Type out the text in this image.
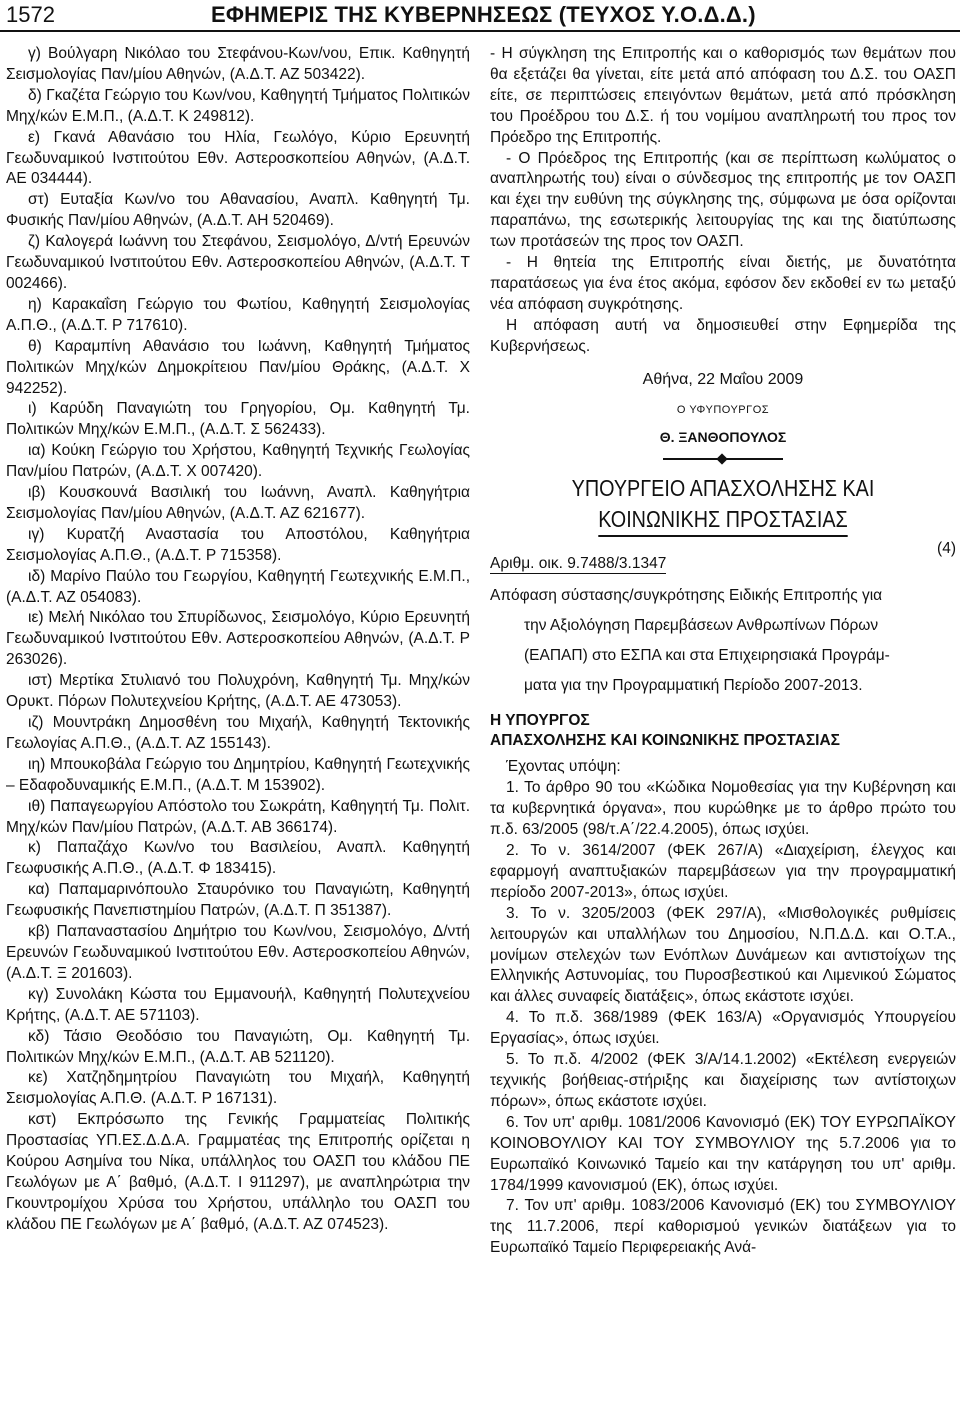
1572	ΕΦΗΜΕΡΙΣ ΤΗΣ ΚΥΒΕΡΝΗΣΕΩΣ (ΤΕΥΧΟΣ Υ.Ο.Δ.Δ.)

γ) Βούλγαρη Νικόλαο του Στεφάνου-Κων/νου, Επικ. Καθηγητή Σεισμολογίας Παν/μίου Αθηνών, (Α.Δ.Τ. ΑΖ 503422).

δ) Γκαζέτα Γεώργιο του Κων/νου, Καθηγητή Τμήματος Πολιτικών Μηχ/κών Ε.Μ.Π., (Α.Δ.Τ. Κ 249812).

ε) Γκανά Αθανάσιο του Ηλία, Γεωλόγο, Κύριο Ερευνητή Γεωδυναμικού Ινστιτούτου Εθν. Αστεροσκοπείου Αθηνών, (Α.Δ.Τ. ΑΕ 034444).

στ) Ευταξία Κων/νο του Αθανασίου, Αναπλ. Καθηγητή Τμ. Φυσικής Παν/μίου Αθηνών, (Α.Δ.Τ. ΑΗ 520469).

ζ) Καλογερά Ιωάννη του Στεφάνου, Σεισμολόγο, Δ/ντή Ερευνών Γεωδυναμικού Ινστιτούτου Εθν. Αστεροσκοπείου Αθηνών, (Α.Δ.Τ. Τ 002466).

η) Καρακαΐση Γεώργιο του Φωτίου, Καθηγητή Σεισμολογίας Α.Π.Θ., (Α.Δ.Τ. Ρ 717610).

θ) Καραμπίνη Αθανάσιο του Ιωάννη, Καθηγητή Τμήματος Πολιτικών Μηχ/κών Δημοκρίτειου Παν/μίου Θράκης, (Α.Δ.Τ. Χ 942252).

ι) Καρύδη Παναγιώτη του Γρηγορίου, Ομ. Καθηγητή Τμ. Πολιτικών Μηχ/κών Ε.Μ.Π., (Α.Δ.Τ. Σ 562433).

ια) Κούκη Γεώργιο του Χρήστου, Καθηγητή Τεχνικής Γεωλογίας Παν/μίου Πατρών, (Α.Δ.Τ. Χ 007420).

ιβ) Κουσκουνά Βασιλική του Ιωάννη, Αναπλ. Καθηγήτρια Σεισμολογίας Παν/μίου Αθηνών, (Α.Δ.Τ. ΑΖ 621677).

ιγ) Κυρατζή Αναστασία του Αποστόλου, Καθηγήτρια Σεισμολογίας Α.Π.Θ., (Α.Δ.Τ. Ρ 715358).

ιδ) Μαρίνο Παύλο του Γεωργίου, Καθηγητή Γεωτεχνικής Ε.Μ.Π., (Α.Δ.Τ. ΑΖ 054083).

ιε) Μελή Νικόλαο του Σπυρίδωνος, Σεισμολόγο, Κύριο Ερευνητή Γεωδυναμικού Ινστιτούτου Εθν. Αστεροσκοπείου Αθηνών, (Α.Δ.Τ. Ρ 263026).

ιστ) Μερτίκα Στυλιανό του Πολυχρόνη, Καθηγητή Τμ. Μηχ/κών Ορυκτ. Πόρων Πολυτεχνείου Κρήτης, (Α.Δ.Τ. ΑΕ 473053).

ιζ) Μουντράκη Δημοσθένη του Μιχαήλ, Καθηγητή Τεκτονικής Γεωλογίας Α.Π.Θ., (Α.Δ.Τ. ΑΖ 155143).

ιη) Μπουκοβάλα Γεώργιο του Δημητρίου, Καθηγητή Γεωτεχνικής – Εδαφοδυναμικής Ε.Μ.Π., (Α.Δ.Τ. Μ 153902).

ιθ) Παπαγεωργίου Απόστολο του Σωκράτη, Καθηγητή Τμ. Πολιτ. Μηχ/κών Παν/μίου Πατρών, (Α.Δ.Τ. ΑΒ 366174).

κ) Παπαζάχο Κων/νο του Βασιλείου, Αναπλ. Καθηγητή Γεωφυσικής Α.Π.Θ., (Α.Δ.Τ. Φ 183415).

κα) Παπαμαρινόπουλο Σταυρόνικο του Παναγιώτη, Καθηγητή Γεωφυσικής Πανεπιστημίου Πατρών, (Α.Δ.Τ. Π 351387).

κβ) Παπαναστασίου Δημήτριο του Κων/νου, Σεισμολόγο, Δ/ντή Ερευνών Γεωδυναμικού Ινστιτούτου Εθν. Αστεροσκοπείου Αθηνών, (Α.Δ.Τ. Ξ 201603).

κγ) Συνολάκη Κώστα του Εμμανουήλ, Καθηγητή Πολυτεχνείου Κρήτης, (Α.Δ.Τ. ΑΕ 571103).

κδ) Τάσιο Θεοδόσιο του Παναγιώτη, Ομ. Καθηγητή Τμ. Πολιτικών Μηχ/κών Ε.Μ.Π., (Α.Δ.Τ. ΑΒ 521120).

κε) Χατζηδημητρίου Παναγιώτη του Μιχαήλ, Καθηγητή Σεισμολογίας Α.Π.Θ. (Α.Δ.Τ. Ρ 167131).

κστ) Εκπρόσωπο της Γενικής Γραμματείας Πολιτικής Προστασίας ΥΠ.ΕΣ.Δ.Δ.Α. Γραμματέας της Επιτροπής ορίζεται η Κούρου Ασημίνα του Νίκα, υπάλληλος του ΟΑΣΠ του κλάδου ΠΕ Γεωλόγων με Α΄ βαθμό, (Α.Δ.Τ. Ι 911297), με αναπληρώτρια την Γκουντρομίχου Χρύσα του Χρήστου, υπάλληλο του ΟΑΣΠ του κλάδου ΠΕ Γεωλόγων με Α΄ βαθμό, (Α.Δ.Τ. ΑΖ 074523).

- Η σύγκληση της Επιτροπής και ο καθορισμός των θεμάτων που θα εξετάζει θα γίνεται, είτε μετά από απόφαση του Δ.Σ. του ΟΑΣΠ είτε, σε περιπτώσεις επειγόντων θεμάτων, μετά από πρόσκληση του Προέδρου του Δ.Σ. ή του νομίμου αναπληρωτή του προς τον Πρόεδρο της Επιτροπής.

- Ο Πρόεδρος της Επιτροπής (και σε περίπτωση κωλύματος ο αναπληρωτής του) είναι ο σύνδεσμος της επιτροπής με τον ΟΑΣΠ και έχει την ευθύνη της σύγκλησης της, σύμφωνα με όσα ορίζονται παραπάνω, της εσωτερικής λειτουργίας της και της διατύπωσης των προτάσεών της προς τον ΟΑΣΠ.

- Η θητεία της Επιτροπής είναι διετής, με δυνατότητα παρατάσεως για ένα έτος ακόμα, εφόσον δεν εκδοθεί εν τω μεταξύ νέα απόφαση συγκρότησης.

Η απόφαση αυτή να δημοσιευθεί στην Εφημερίδα της Κυβερνήσεως.

Αθήνα, 22 Μαΐου 2009

Ο ΥΦΥΠΟΥΡΓΟΣ

Θ. ΞΑΝΘΟΠΟΥΛΟΣ

ΥΠΟΥΡΓΕΙΟ ΑΠΑΣΧΟΛΗΣΗΣ ΚΑΙ
ΚΟΙΝΩΝΙΚΗΣ ΠΡΟΣΤΑΣΙΑΣ
Αριθμ. οικ. 9.7488/3.1347
(4)
Απόφαση σύστασης/συγκρότησης Ειδικής Επιτροπής για
την Αξιολόγηση Παρεμβάσεων Ανθρωπίνων Πόρων
(ΕΑΠΑΠ) στο ΕΣΠΑ και στα Επιχειρησιακά Προγράμ-
ματα για την Προγραμματική Περίοδο 2007-2013.

Η ΥΠΟΥΡΓΟΣ

ΑΠΑΣΧΟΛΗΣΗΣ ΚΑΙ ΚΟΙΝΩΝΙΚΗΣ ΠΡΟΣΤΑΣΙΑΣ

Έχοντας υπόψη:

1. Το άρθρο 90 του «Κώδικα Νομοθεσίας για την Κυβέρνηση και τα κυβερνητικά όργανα», που κυρώθηκε με το άρθρο πρώτο του π.δ. 63/2005 (98/τ.Α΄/22.4.2005), όπως ισχύει.

2. Το ν. 3614/2007 (ΦΕΚ 267/Α) «Διαχείριση, έλεγχος και εφαρμογή αναπτυξιακών παρεμβάσεων για την προγραμματική περίοδο 2007-2013», όπως ισχύει.

3. Το ν. 3205/2003 (ΦΕΚ 297/Α), «Μισθολογικές ρυθμίσεις λειτουργών και υπαλλήλων του Δημοσίου, Ν.Π.Δ.Δ. και Ο.Τ.Α., μονίμων στελεχών των Ενόπλων Δυνάμεων και αντιστοίχων της Ελληνικής Αστυνομίας, του Πυροσβεστικού και Λιμενικού Σώματος και άλλες συναφείς διατάξεις», όπως εκάστοτε ισχύει.

4. Το π.δ. 368/1989 (ΦΕΚ 163/Α) «Οργανισμός Υπουργείου Εργασίας», όπως ισχύει.

5. Το π.δ. 4/2002 (ΦΕΚ 3/Α/14.1.2002) «Εκτέλεση ενεργειών τεχνικής βοήθειας-στήριξης και διαχείρισης των αντίστοιχων πόρων», όπως εκάστοτε ισχύει.

6. Τον υπ' αριθμ. 1081/2006 Κανονισμό (ΕΚ) ΤΟΥ ΕΥΡΩΠΑΪΚΟΥ ΚΟΙΝΟΒΟΥΛΙΟΥ ΚΑΙ ΤΟΥ ΣΥΜΒΟΥΛΙΟΥ της 5.7.2006 για το Ευρωπαϊκό Κοινωνικό Ταμείο και την κατάργηση του υπ' αριθμ. 1784/1999 κανονισμού (ΕΚ), όπως ισχύει.

7. Τον υπ' αριθμ. 1083/2006 Κανονισμό (ΕΚ) του ΣΥΜΒΟΥΛΙΟΥ της 11.7.2006, περί καθορισμού γενικών διατάξεων για το Ευρωπαϊκό Ταμείο Περιφερειακής Ανά-
